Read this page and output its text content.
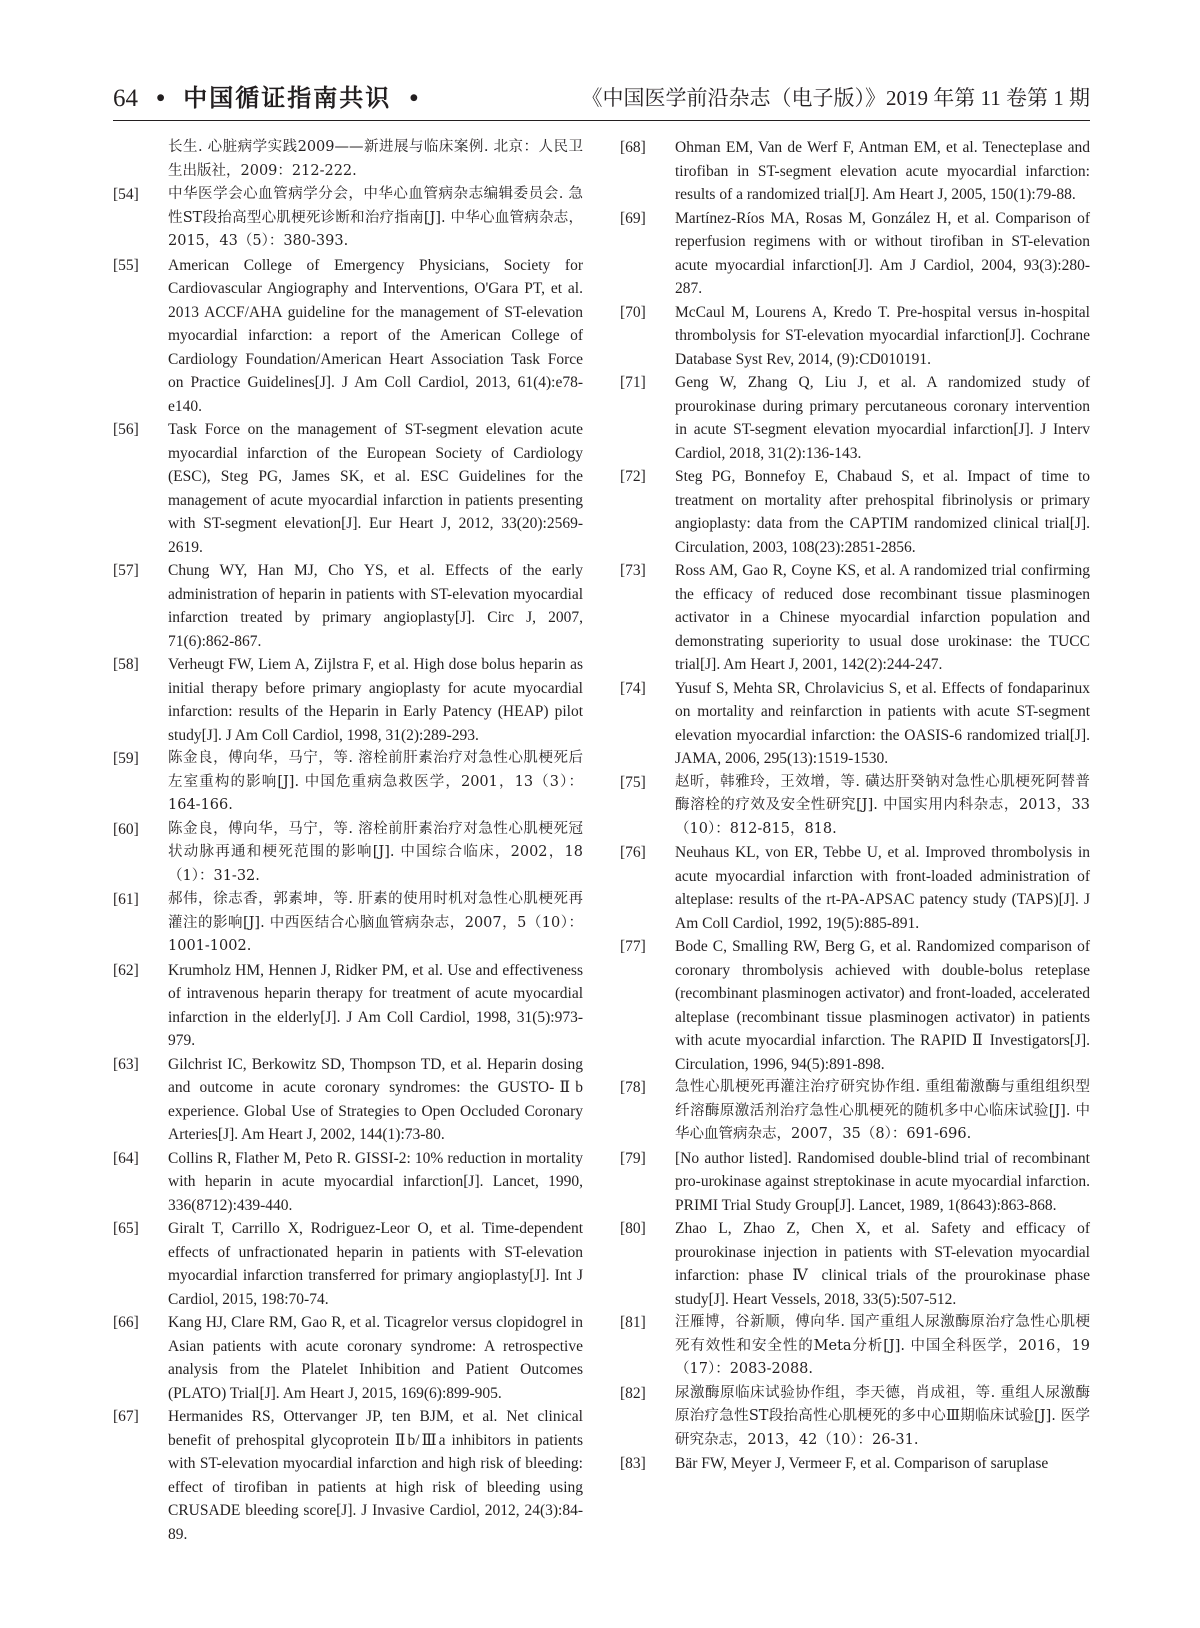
64 • 中国循证指南共识 •	《中国医学前沿杂志（电子版）》2019 年第 11 卷第 1 期
长生. 心脏病学实践2009——新进展与临床案例. 北京：人民卫生出版社，2009：212-222.
[54]	中华医学会心血管病学分会，中华心血管病杂志编辑委员会. 急性ST段抬高型心肌梗死诊断和治疗指南[J]. 中华心血管病杂志，2015，43（5）：380-393.
[55]	American College of Emergency Physicians, Society for Cardiovascular Angiography and Interventions, O'Gara PT, et al. 2013 ACCF/AHA guideline for the management of ST-elevation myocardial infarction: a report of the American College of Cardiology Foundation/American Heart Association Task Force on Practice Guidelines[J]. J Am Coll Cardiol, 2013, 61(4):e78-e140.
[56]	Task Force on the management of ST-segment elevation acute myocardial infarction of the European Society of Cardiology (ESC), Steg PG, James SK, et al. ESC Guidelines for the management of acute myocardial infarction in patients presenting with ST-segment elevation[J]. Eur Heart J, 2012, 33(20):2569-2619.
[57]	Chung WY, Han MJ, Cho YS, et al. Effects of the early administration of heparin in patients with ST-elevation myocardial infarction treated by primary angioplasty[J]. Circ J, 2007, 71(6):862-867.
[58]	Verheugt FW, Liem A, Zijlstra F, et al. High dose bolus heparin as initial therapy before primary angioplasty for acute myocardial infarction: results of the Heparin in Early Patency (HEAP) pilot study[J]. J Am Coll Cardiol, 1998, 31(2):289-293.
[59]	陈金良，傅向华，马宁，等. 溶栓前肝素治疗对急性心肌梗死后左室重构的影响[J]. 中国危重病急救医学，2001，13（3）：164-166.
[60]	陈金良，傅向华，马宁，等. 溶栓前肝素治疗对急性心肌梗死冠状动脉再通和梗死范围的影响[J]. 中国综合临床，2002，18（1）：31-32.
[61]	郝伟，徐志香，郭素坤，等. 肝素的使用时机对急性心肌梗死再灌注的影响[J]. 中西医结合心脑血管病杂志，2007，5（10）：1001-1002.
[62]	Krumholz HM, Hennen J, Ridker PM, et al. Use and effectiveness of intravenous heparin therapy for treatment of acute myocardial infarction in the elderly[J]. J Am Coll Cardiol, 1998, 31(5):973-979.
[63]	Gilchrist IC, Berkowitz SD, Thompson TD, et al. Heparin dosing and outcome in acute coronary syndromes: the GUSTO-Ⅱb experience. Global Use of Strategies to Open Occluded Coronary Arteries[J]. Am Heart J, 2002, 144(1):73-80.
[64]	Collins R, Flather M, Peto R. GISSI-2: 10% reduction in mortality with heparin in acute myocardial infarction[J]. Lancet, 1990, 336(8712):439-440.
[65]	Giralt T, Carrillo X, Rodriguez-Leor O, et al. Time-dependent effects of unfractionated heparin in patients with ST-elevation myocardial infarction transferred for primary angioplasty[J]. Int J Cardiol, 2015, 198:70-74.
[66]	Kang HJ, Clare RM, Gao R, et al. Ticagrelor versus clopidogrel in Asian patients with acute coronary syndrome: A retrospective analysis from the Platelet Inhibition and Patient Outcomes (PLATO) Trial[J]. Am Heart J, 2015, 169(6):899-905.
[67]	Hermanides RS, Ottervanger JP, ten BJM, et al. Net clinical benefit of prehospital glycoprotein Ⅱb/Ⅲa inhibitors in patients with ST-elevation myocardial infarction and high risk of bleeding: effect of tirofiban in patients at high risk of bleeding using CRUSADE bleeding score[J]. J Invasive Cardiol, 2012, 24(3):84-89.
[68]	Ohman EM, Van de Werf F, Antman EM, et al. Tenecteplase and tirofiban in ST-segment elevation acute myocardial infarction: results of a randomized trial[J]. Am Heart J, 2005, 150(1):79-88.
[69]	Martínez-Ríos MA, Rosas M, González H, et al. Comparison of reperfusion regimens with or without tirofiban in ST-elevation acute myocardial infarction[J]. Am J Cardiol, 2004, 93(3):280-287.
[70]	McCaul M, Lourens A, Kredo T. Pre-hospital versus in-hospital thrombolysis for ST-elevation myocardial infarction[J]. Cochrane Database Syst Rev, 2014, (9):CD010191.
[71]	Geng W, Zhang Q, Liu J, et al. A randomized study of prourokinase during primary percutaneous coronary intervention in acute ST-segment elevation myocardial infarction[J]. J Interv Cardiol, 2018, 31(2):136-143.
[72]	Steg PG, Bonnefoy E, Chabaud S, et al. Impact of time to treatment on mortality after prehospital fibrinolysis or primary angioplasty: data from the CAPTIM randomized clinical trial[J]. Circulation, 2003, 108(23):2851-2856.
[73]	Ross AM, Gao R, Coyne KS, et al. A randomized trial confirming the efficacy of reduced dose recombinant tissue plasminogen activator in a Chinese myocardial infarction population and demonstrating superiority to usual dose urokinase: the TUCC trial[J]. Am Heart J, 2001, 142(2):244-247.
[74]	Yusuf S, Mehta SR, Chrolavicius S, et al. Effects of fondaparinux on mortality and reinfarction in patients with acute ST-segment elevation myocardial infarction: the OASIS-6 randomized trial[J]. JAMA, 2006, 295(13):1519-1530.
[75]	赵昕，韩雅玲，王效增，等. 磺达肝癸钠对急性心肌梗死阿替普酶溶栓的疗效及安全性研究[J]. 中国实用内科杂志，2013，33（10）：812-815，818.
[76]	Neuhaus KL, von ER, Tebbe U, et al. Improved thrombolysis in acute myocardial infarction with front-loaded administration of alteplase: results of the rt-PA-APSAC patency study (TAPS)[J]. J Am Coll Cardiol, 1992, 19(5):885-891.
[77]	Bode C, Smalling RW, Berg G, et al. Randomized comparison of coronary thrombolysis achieved with double-bolus reteplase (recombinant plasminogen activator) and front-loaded, accelerated alteplase (recombinant tissue plasminogen activator) in patients with acute myocardial infarction. The RAPID Ⅱ Investigators[J]. Circulation, 1996, 94(5):891-898.
[78]	急性心肌梗死再灌注治疗研究协作组. 重组葡激酶与重组组织型纤溶酶原激活剂治疗急性心肌梗死的随机多中心临床试验[J]. 中华心血管病杂志，2007，35（8）：691-696.
[79]	[No author listed]. Randomised double-blind trial of recombinant pro-urokinase against streptokinase in acute myocardial infarction. PRIMI Trial Study Group[J]. Lancet, 1989, 1(8643):863-868.
[80]	Zhao L, Zhao Z, Chen X, et al. Safety and efficacy of prourokinase injection in patients with ST-elevation myocardial infarction: phase Ⅳ clinical trials of the prourokinase phase study[J]. Heart Vessels, 2018, 33(5):507-512.
[81]	汪雁博，谷新顺，傅向华. 国产重组人尿激酶原治疗急性心肌梗死有效性和安全性的Meta分析[J]. 中国全科医学，2016，19（17）：2083-2088.
[82]	尿激酶原临床试验协作组，李天德，肖成祖，等. 重组人尿激酶原治疗急性ST段抬高性心肌梗死的多中心Ⅲ期临床试验[J]. 医学研究杂志，2013，42（10）：26-31.
[83]	Bär FW, Meyer J, Vermeer F, et al. Comparison of saruplase
